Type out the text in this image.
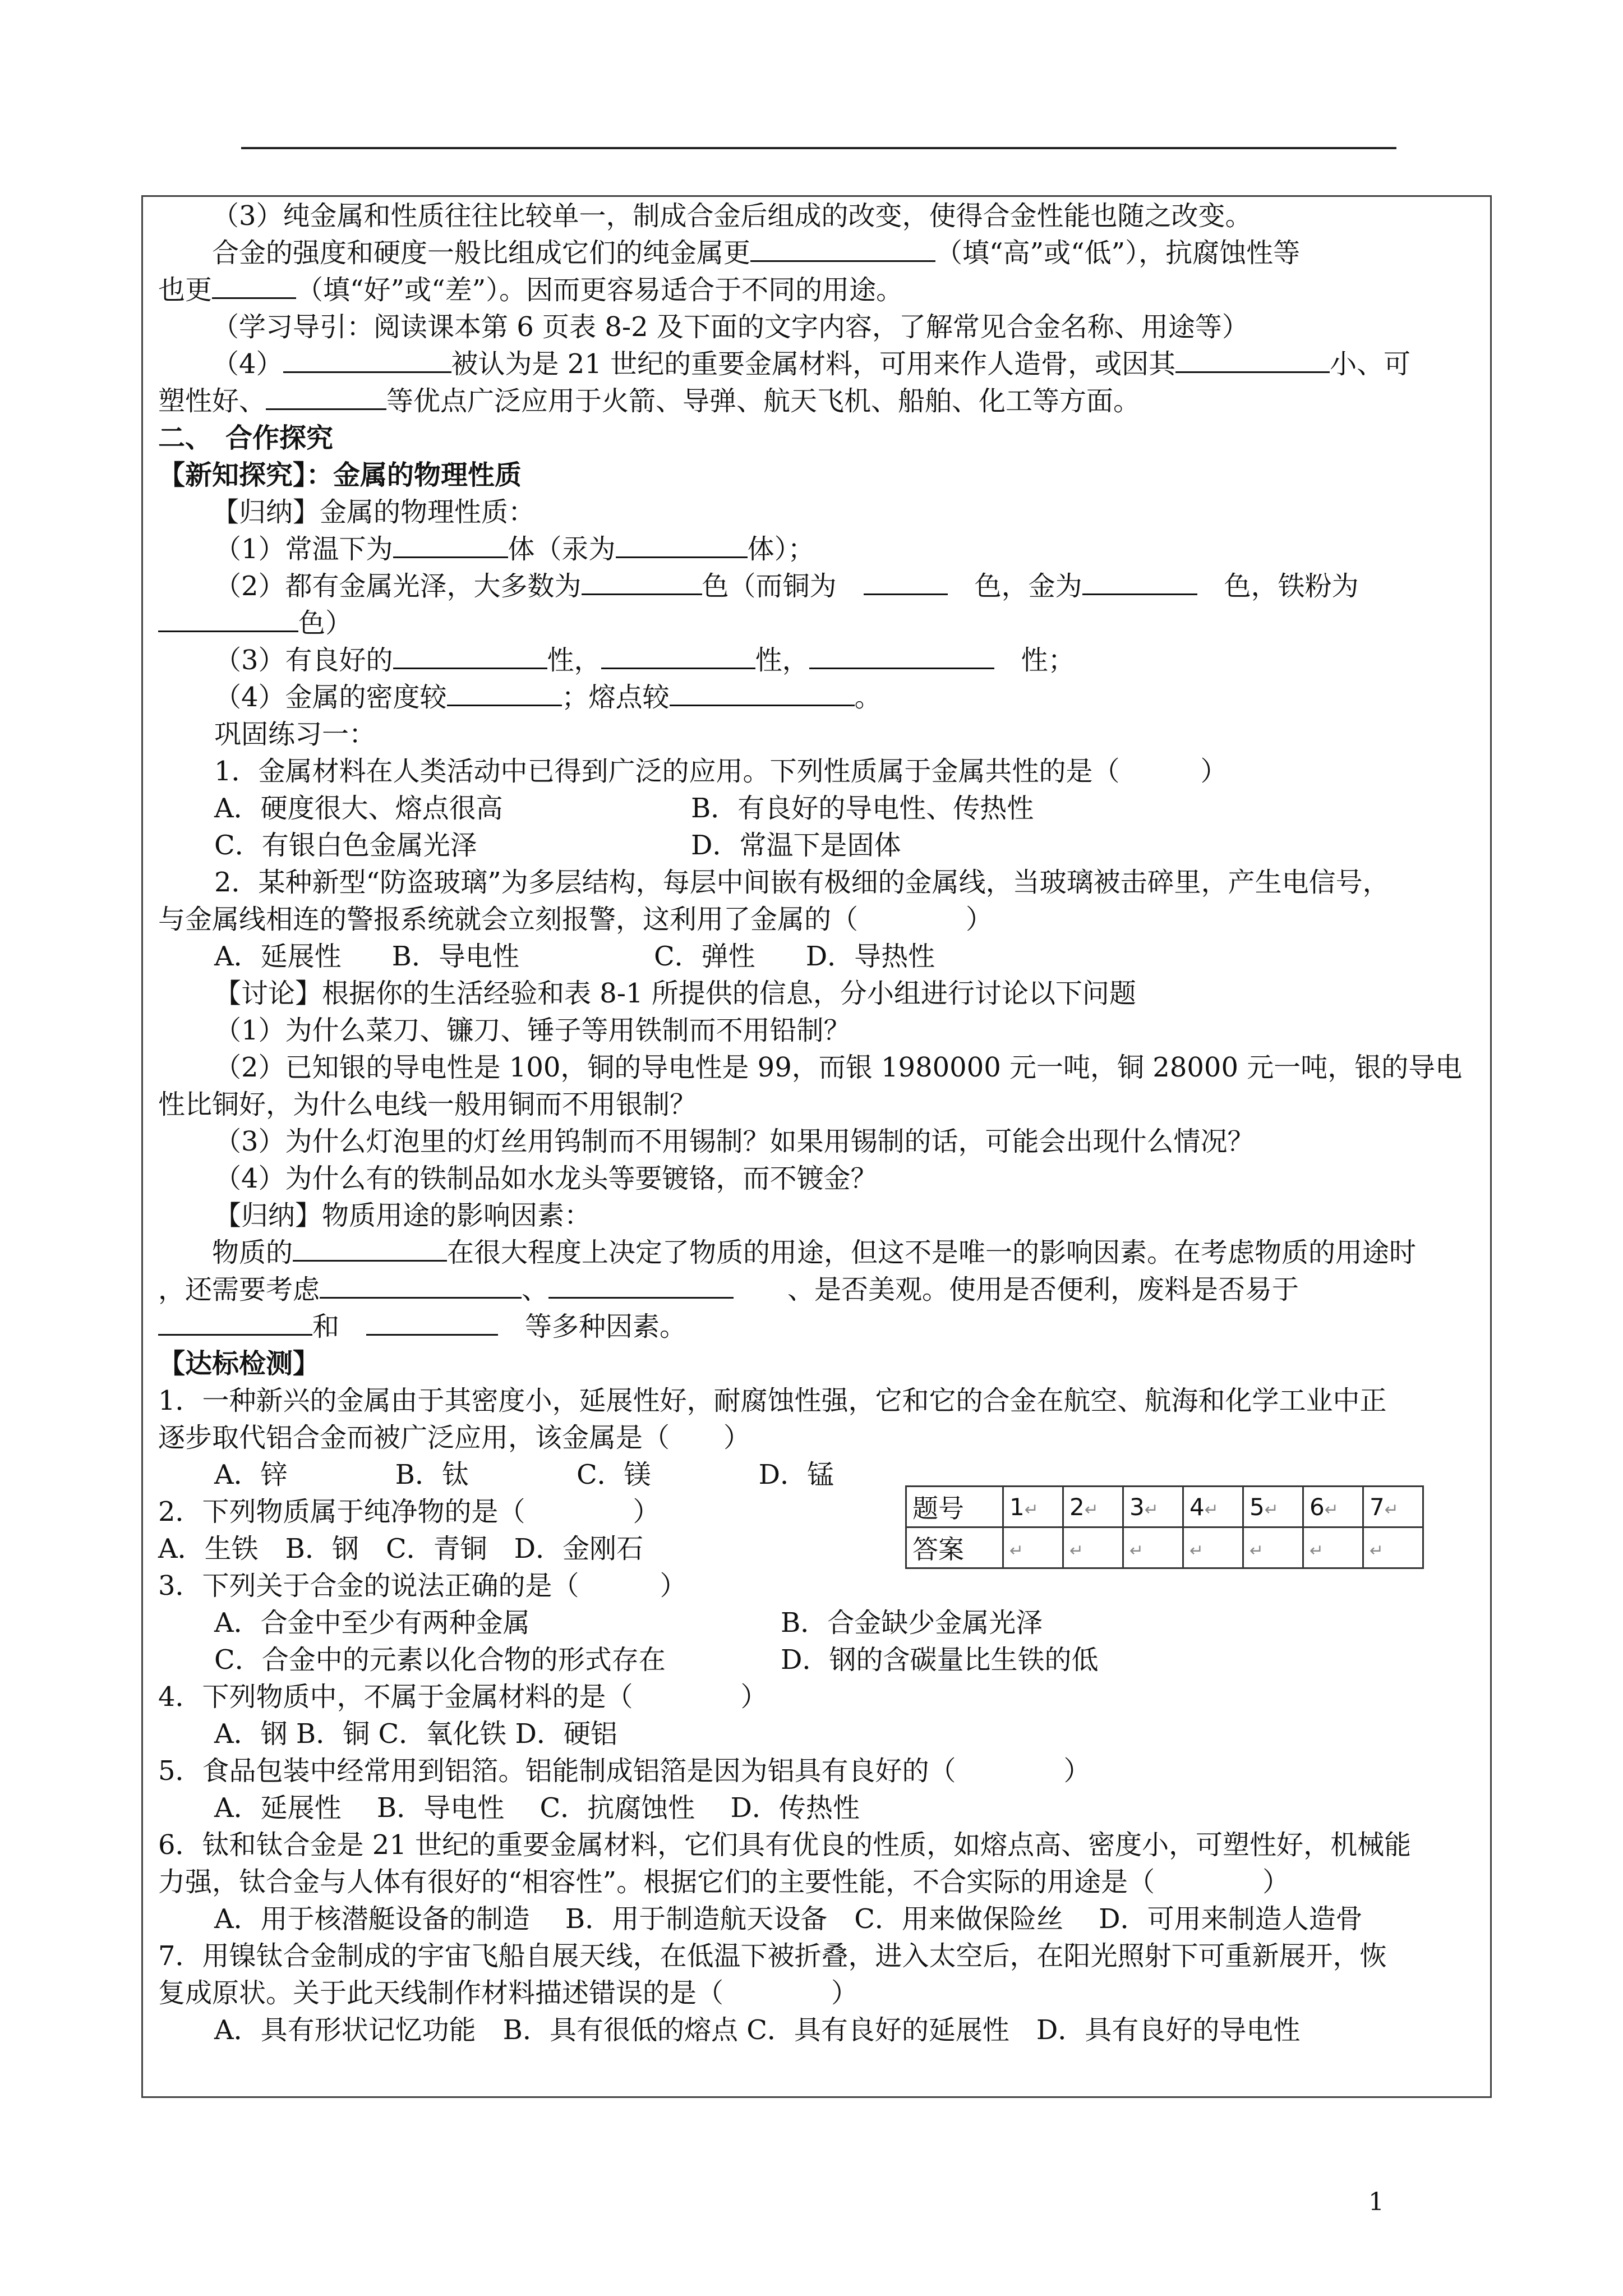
（3）纯金属和性质往往比较单一，制成合金后组成的改变，使得合金性能也随之改变。
合金的强度和硬度一般比组成它们的纯金属更	（填“高”或“低”），抗腐蚀性等
也更	（填“好”或“差”）。因而更容易适合于不同的用途。
（学习导引：阅读课本第 6 页表 8-2 及下面的文字内容，了解常见合金名称、用途等）
（4）	被认为是 21 世纪的重要金属材料，可用来作人造骨，或因其	小、可
塑性好、	等优点广泛应用于火箭、导弹、航天飞机、船舶、化工等方面。
二、　合作探究
【新知探究】：金属的物理性质
【归纳】金属的物理性质：
（1）常温下为	体（汞为	体）；
（2）都有金属光泽，大多数为	色（而铜为　　	色，金为　	色，铁粉为
色）
（3）有良好的	性，	性，　	性；
（4）金属的密度较	；熔点较	。
巩固练习一：
1．金属材料在人类活动中已得到广泛的应用。下列性质属于金属共性的是（　　　）
A．硬度很大、熔点很高	B．有良好的导电性、传热性
C．有银白色金属光泽	D．常温下是固体
2．某种新型“防盗玻璃”为多层结构，每层中间嵌有极细的金属线，当玻璃被击碎里，产生电信号，
与金属线相连的警报系统就会立刻报警，这利用了金属的（　　　　）
A．延展性 B．导电性	C．弹性 D．导热性
【讨论】根据你的生活经验和表 8-1 所提供的信息，分小组进行讨论以下问题
（1）为什么菜刀、镰刀、锤子等用铁制而不用铅制？
（2）已知银的导电性是 100，铜的导电性是 99，而银 1980000 元一吨，铜 28000 元一吨，银的导电
性比铜好，为什么电线一般用铜而不用银制？
（3）为什么灯泡里的灯丝用钨制而不用锡制？如果用锡制的话，可能会出现什么情况？
（4）为什么有的铁制品如水龙头等要镀铬，而不镀金？
【归纳】物质用途的影响因素：
物质的	在很大程度上决定了物质的用途，但这不是唯一的影响因素。在考虑物质的用途时
，还需要考虑	、　　	、是否美观。使用是否便利，废料是否易于
和　　	等多种因素。
【达标检测】
1．一种新兴的金属由于其密度小，延展性好，耐腐蚀性强，它和它的合金在航空、航海和化学工业中正
逐步取代铝合金而被广泛应用，该金属是（　　）
A．锌　　　　B．钛　　　　C．镁　　　　D．锰
2．下列物质属于纯净物的是（　　　　）
A．生铁　B．钢　C．青铜　D．金刚石
3．下列关于合金的说法正确的是（　　　）
A．合金中至少有两种金属	B．合金缺少金属光泽
C．合金中的元素以化合物的形式存在	D．钢的含碳量比生铁的低
4．下列物质中，不属于金属材料的是（　　　　）
A．钢 B．铜 C．氧化铁 D．硬铝
5．食品包装中经常用到铝箔。铝能制成铝箔是因为铝具有良好的（　　　　）
A．延展性　 B．导电性　 C．抗腐蚀性　 D．传热性
6．钛和钛合金是 21 世纪的重要金属材料，它们具有优良的性质，如熔点高、密度小，可塑性好，机械能
力强，钛合金与人体有很好的“相容性”。根据它们的主要性能，不合实际的用途是（　　　　）
A．用于核潜艇设备的制造　 B．用于制造航天设备　C．用来做保险丝　 D．可用来制造人造骨
7．用镍钛合金制成的宇宙飞船自展天线，在低温下被折叠，进入太空后，在阳光照射下可重新展开，恢
复成原状。关于此天线制作材料描述错误的是（　　　　）
A．具有形状记忆功能　B．具有很低的熔点 C．具有良好的延展性　D．具有良好的导电性
题号	1↵	2↵	3↵	4↵	5↵	6↵	7↵
答案	↵	↵	↵	↵	↵	↵	↵
1
